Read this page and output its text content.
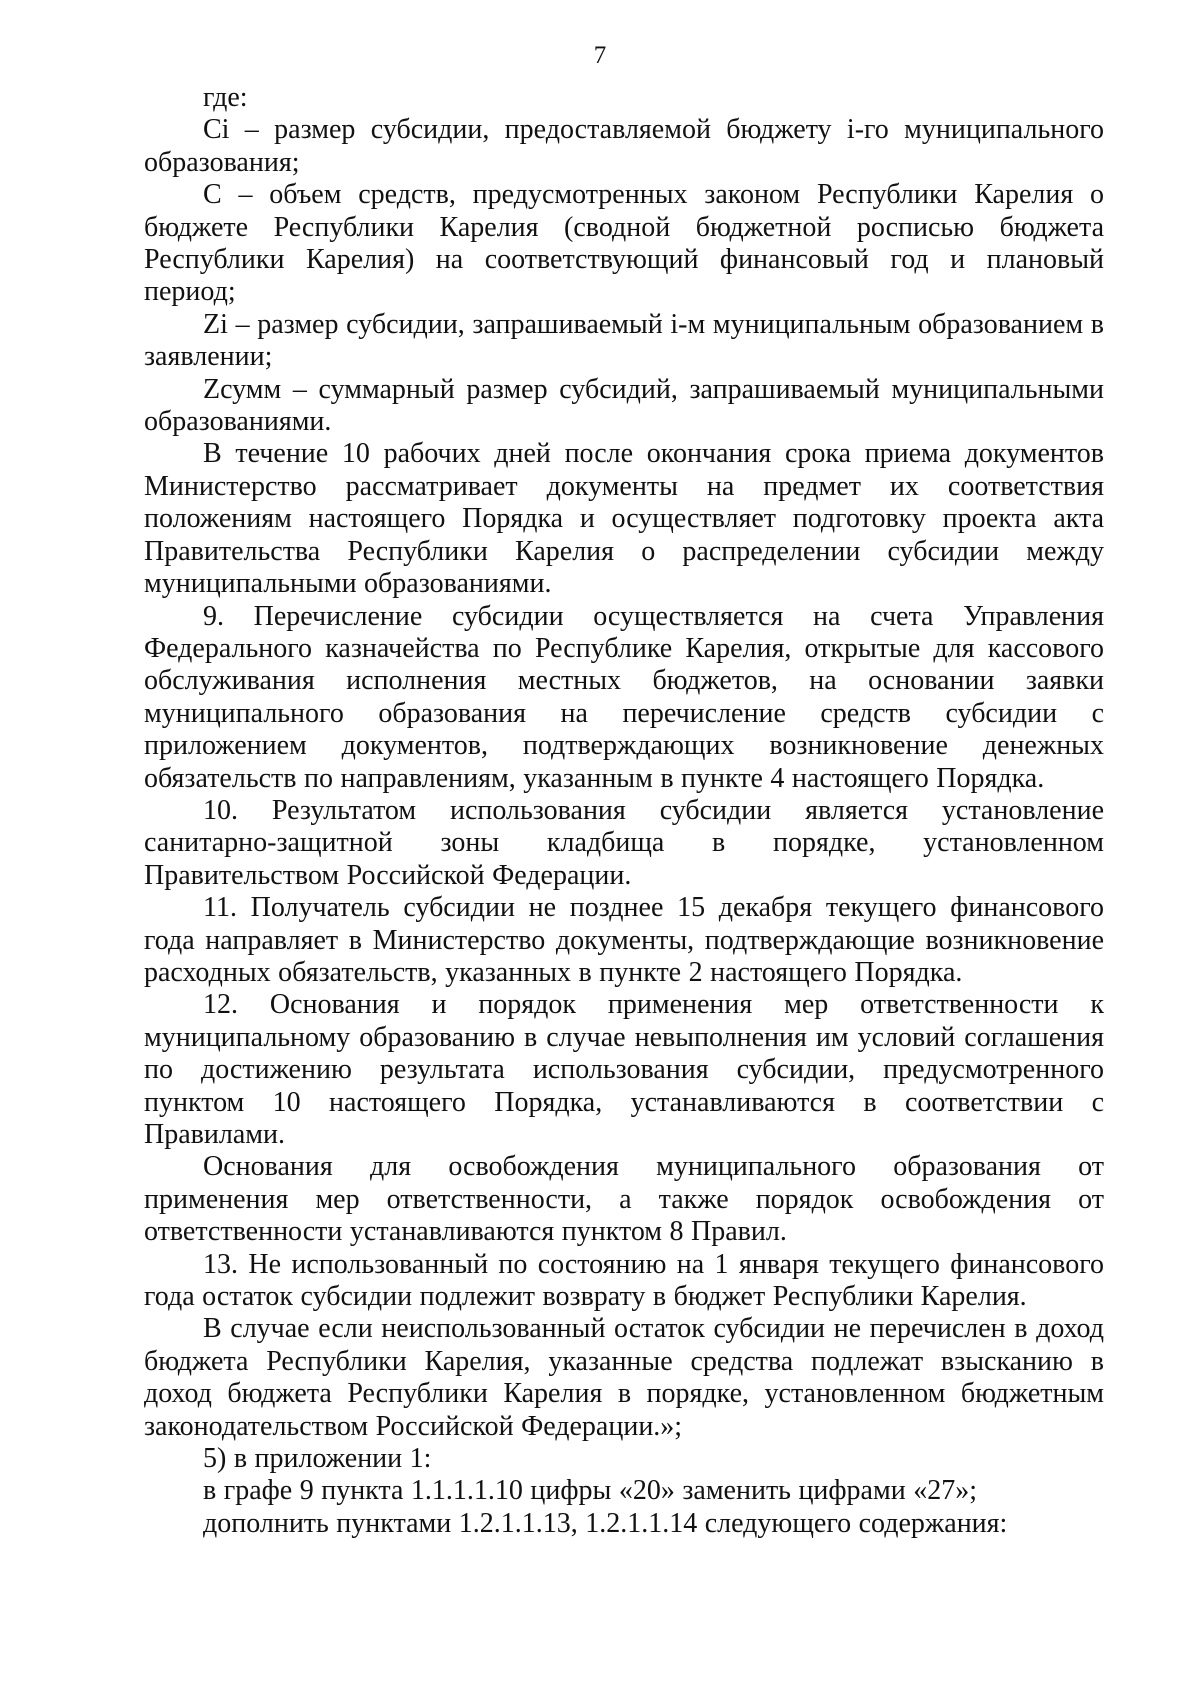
7

где:

Ci – размер субсидии, предоставляемой бюджету i-го муниципального образования;

C – объем средств, предусмотренных законом Республики Карелия о бюджете Республики Карелия (сводной бюджетной росписью бюджета Республики Карелия) на соответствующий финансовый год и плановый период;

Zi – размер субсидии, запрашиваемый i-м муниципальным образованием в заявлении;

Zсумм – суммарный размер субсидий, запрашиваемый муниципальными образованиями.

В течение 10 рабочих дней после окончания срока приема документов Министерство рассматривает документы на предмет их соответствия положениям настоящего Порядка и осуществляет подготовку проекта акта Правительства Республики Карелия о распределении субсидии между муниципальными образованиями.

9. Перечисление субсидии осуществляется на счета Управления Федерального казначейства по Республике Карелия, открытые для кассового обслуживания исполнения местных бюджетов, на основании заявки муниципального образования на перечисление средств субсидии с приложением документов, подтверждающих возникновение денежных обязательств по направлениям, указанным в пункте 4 настоящего Порядка.

10. Результатом использования субсидии является установление санитарно-защитной зоны кладбища в порядке, установленном Правительством Российской Федерации.

11. Получатель субсидии не позднее 15 декабря текущего финансового года направляет в Министерство документы, подтверждающие возникновение расходных обязательств, указанных в пункте 2 настоящего Порядка.

12. Основания и порядок применения мер ответственности к муниципальному образованию в случае невыполнения им условий соглашения по достижению результата использования субсидии, предусмотренного пунктом 10 настоящего Порядка, устанавливаются в соответствии с Правилами.

Основания для освобождения муниципального образования от применения мер ответственности, а также порядок освобождения от ответственности устанавливаются пунктом 8 Правил.

13. Не использованный по состоянию на 1 января текущего финансового года остаток субсидии подлежит возврату в бюджет Республики Карелия.

В случае если неиспользованный остаток субсидии не перечислен в доход бюджета Республики Карелия, указанные средства подлежат взысканию в доход бюджета Республики Карелия в порядке, установленном бюджетным законодательством Российской Федерации.»;

5) в приложении 1:

в графе 9 пункта 1.1.1.1.10 цифры «20» заменить цифрами «27»;

дополнить пунктами 1.2.1.1.13, 1.2.1.1.14 следующего содержания:
